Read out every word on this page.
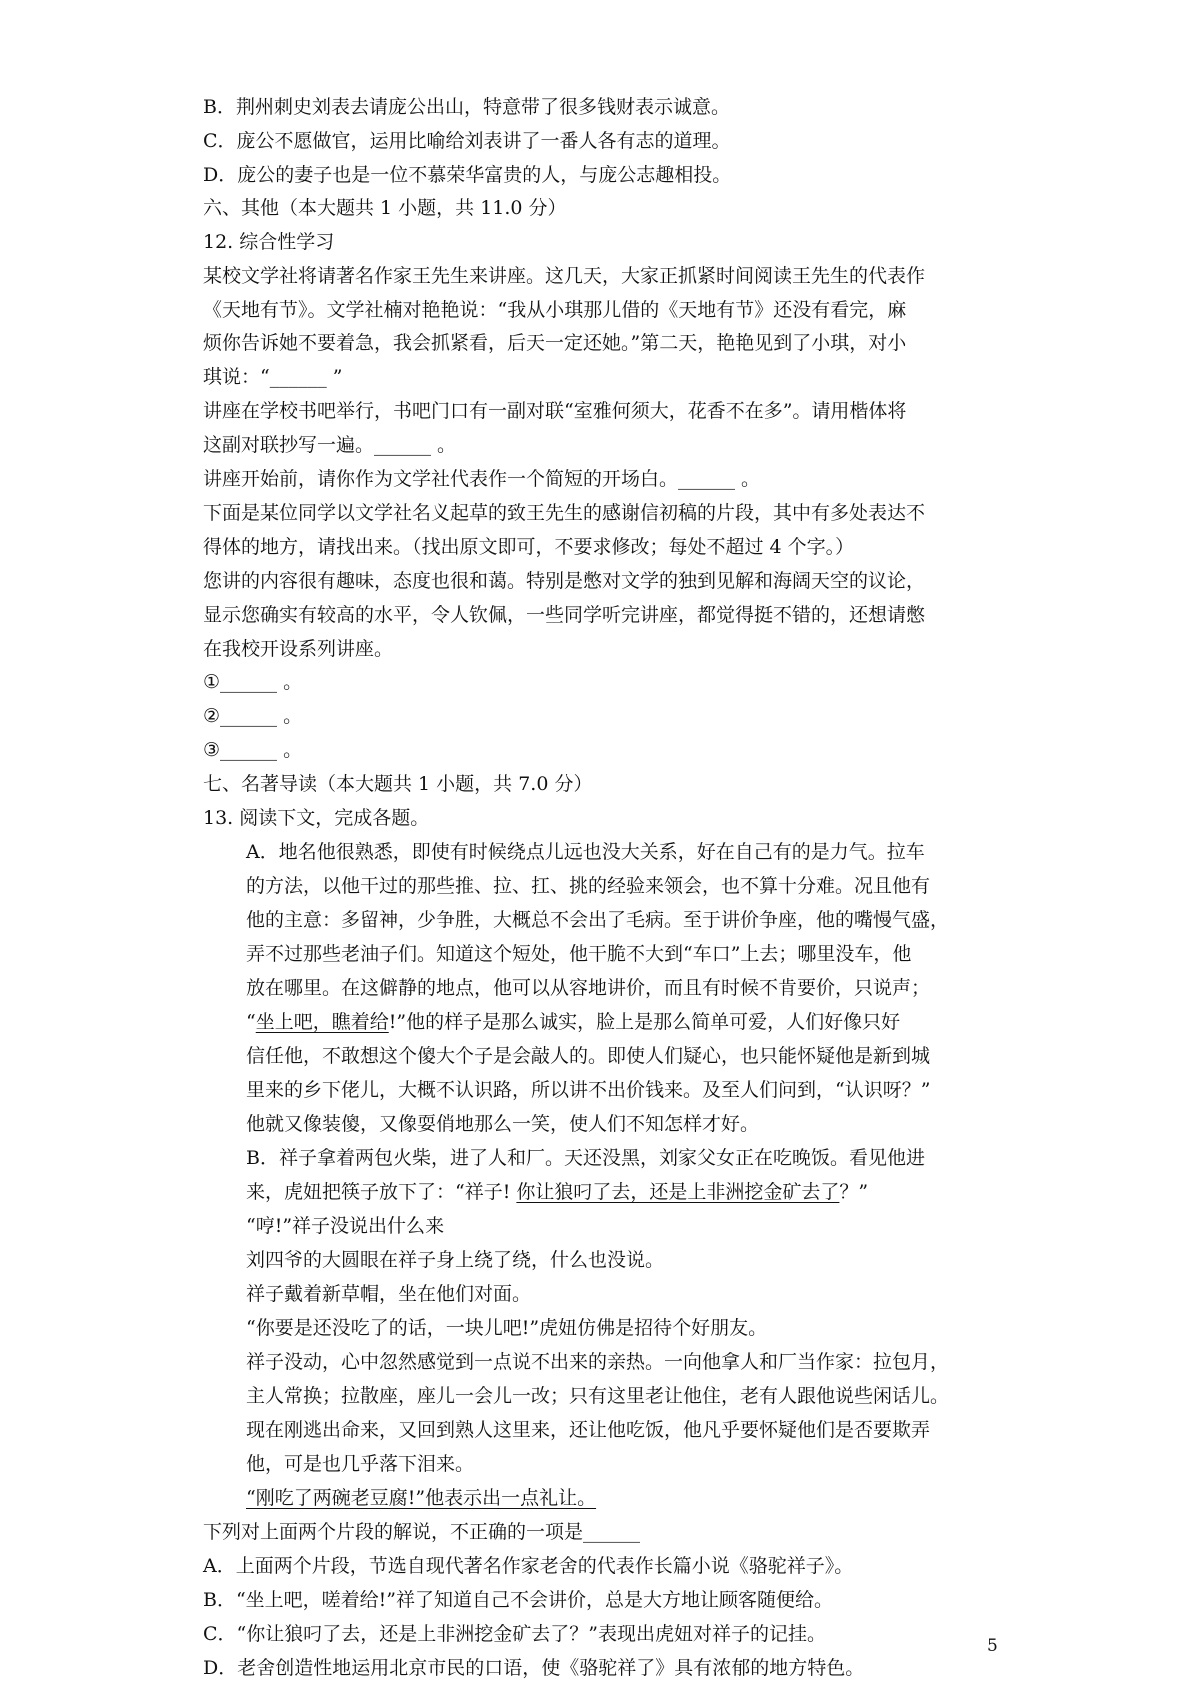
B．荆州刺史刘表去请庞公出山，特意带了很多钱财表示诚意。
C．庞公不愿做官，运用比喻给刘表讲了一番人各有志的道理。
D．庞公的妻子也是一位不慕荣华富贵的人，与庞公志趣相投。
六、其他（本大题共 1 小题，共 11.0 分）
12. 综合性学习
某校文学社将请著名作家王先生来讲座。这几天，大家正抓紧时间阅读王先生的代表作
《天地有节》。文学社楠对艳艳说：“我从小琪那儿借的《天地有节》还没有看完，麻
烦你告诉她不要着急，我会抓紧看，后天一定还她。”第二天，艳艳见到了小琪，对小
琪说：“______ ”
讲座在学校书吧举行，书吧门口有一副对联“室雅何须大，花香不在多”。请用楷体将
这副对联抄写一遍。______ 。
讲座开始前，请你作为文学社代表作一个简短的开场白。______ 。
下面是某位同学以文学社名义起草的致王先生的感谢信初稿的片段，其中有多处表达不
得体的地方，请找出来。（找出原文即可，不要求修改；每处不超过 4 个字。）
您讲的内容很有趣味，态度也很和蔼。特别是憋对文学的独到见解和海阔天空的议论，
显示您确实有较高的水平，令人钦佩，一些同学听完讲座，都觉得挺不错的，还想请憋
在我校开设系列讲座。
①______ 。
②______ 。
③______ 。
七、名著导读（本大题共 1 小题，共 7.0 分）
13. 阅读下文，完成各题。
A．地名他很熟悉，即使有时候绕点儿远也没大关系，好在自己有的是力气。拉车
的方法，以他干过的那些推、拉、扛、挑的经验来领会，也不算十分难。况且他有
他的主意：多留神，少争胜，大概总不会出了毛病。至于讲价争座，他的嘴慢气盛，
弄不过那些老油子们。知道这个短处，他干脆不大到“车口”上去；哪里没车，他
放在哪里。在这僻静的地点，他可以从容地讲价，而且有时候不肯要价，只说声；
“坐上吧，瞧着给!”他的样子是那么诚实，脸上是那么简单可爱，人们好像只好
信任他，不敢想这个傻大个子是会敲人的。即使人们疑心，也只能怀疑他是新到城
里来的乡下佬儿，大概不认识路，所以讲不出价钱来。及至人们问到，“认识呀？”
他就又像装傻，又像耍俏地那么一笑，使人们不知怎样才好。
B．祥子拿着两包火柴，进了人和厂。天还没黑，刘家父女正在吃晚饭。看见他进
来，虎妞把筷子放下了：“祥子! 你让狼叼了去，还是上非洲挖金矿去了？”
“哼!”祥子没说出什么来
刘四爷的大圆眼在祥子身上绕了绕，什么也没说。
祥子戴着新草帽，坐在他们对面。
“你要是还没吃了的话，一块儿吧!”虎妞仿佛是招待个好朋友。
祥子没动，心中忽然感觉到一点说不出来的亲热。一向他拿人和厂当作家：拉包月，
主人常换；拉散座，座儿一会儿一改；只有这里老让他住，老有人跟他说些闲话儿。
现在刚逃出命来，又回到熟人这里来，还让他吃饭，他凡乎要怀疑他们是否要欺弄
他，可是也几乎落下泪来。
“刚吃了两碗老豆腐!”他表示出一点礼让。
下列对上面两个片段的解说，不正确的一项是______
A．上面两个片段，节选自现代著名作家老舍的代表作长篇小说《骆驼祥子》。
B．“坐上吧，嗟着给!”祥了知道自己不会讲价，总是大方地让顾客随便给。
C．“你让狼叼了去，还是上非洲挖金矿去了？”表现出虎妞对祥子的记挂。
D．老舍创造性地运用北京市民的口语，使《骆驼祥了》具有浓郁的地方特色。
5
